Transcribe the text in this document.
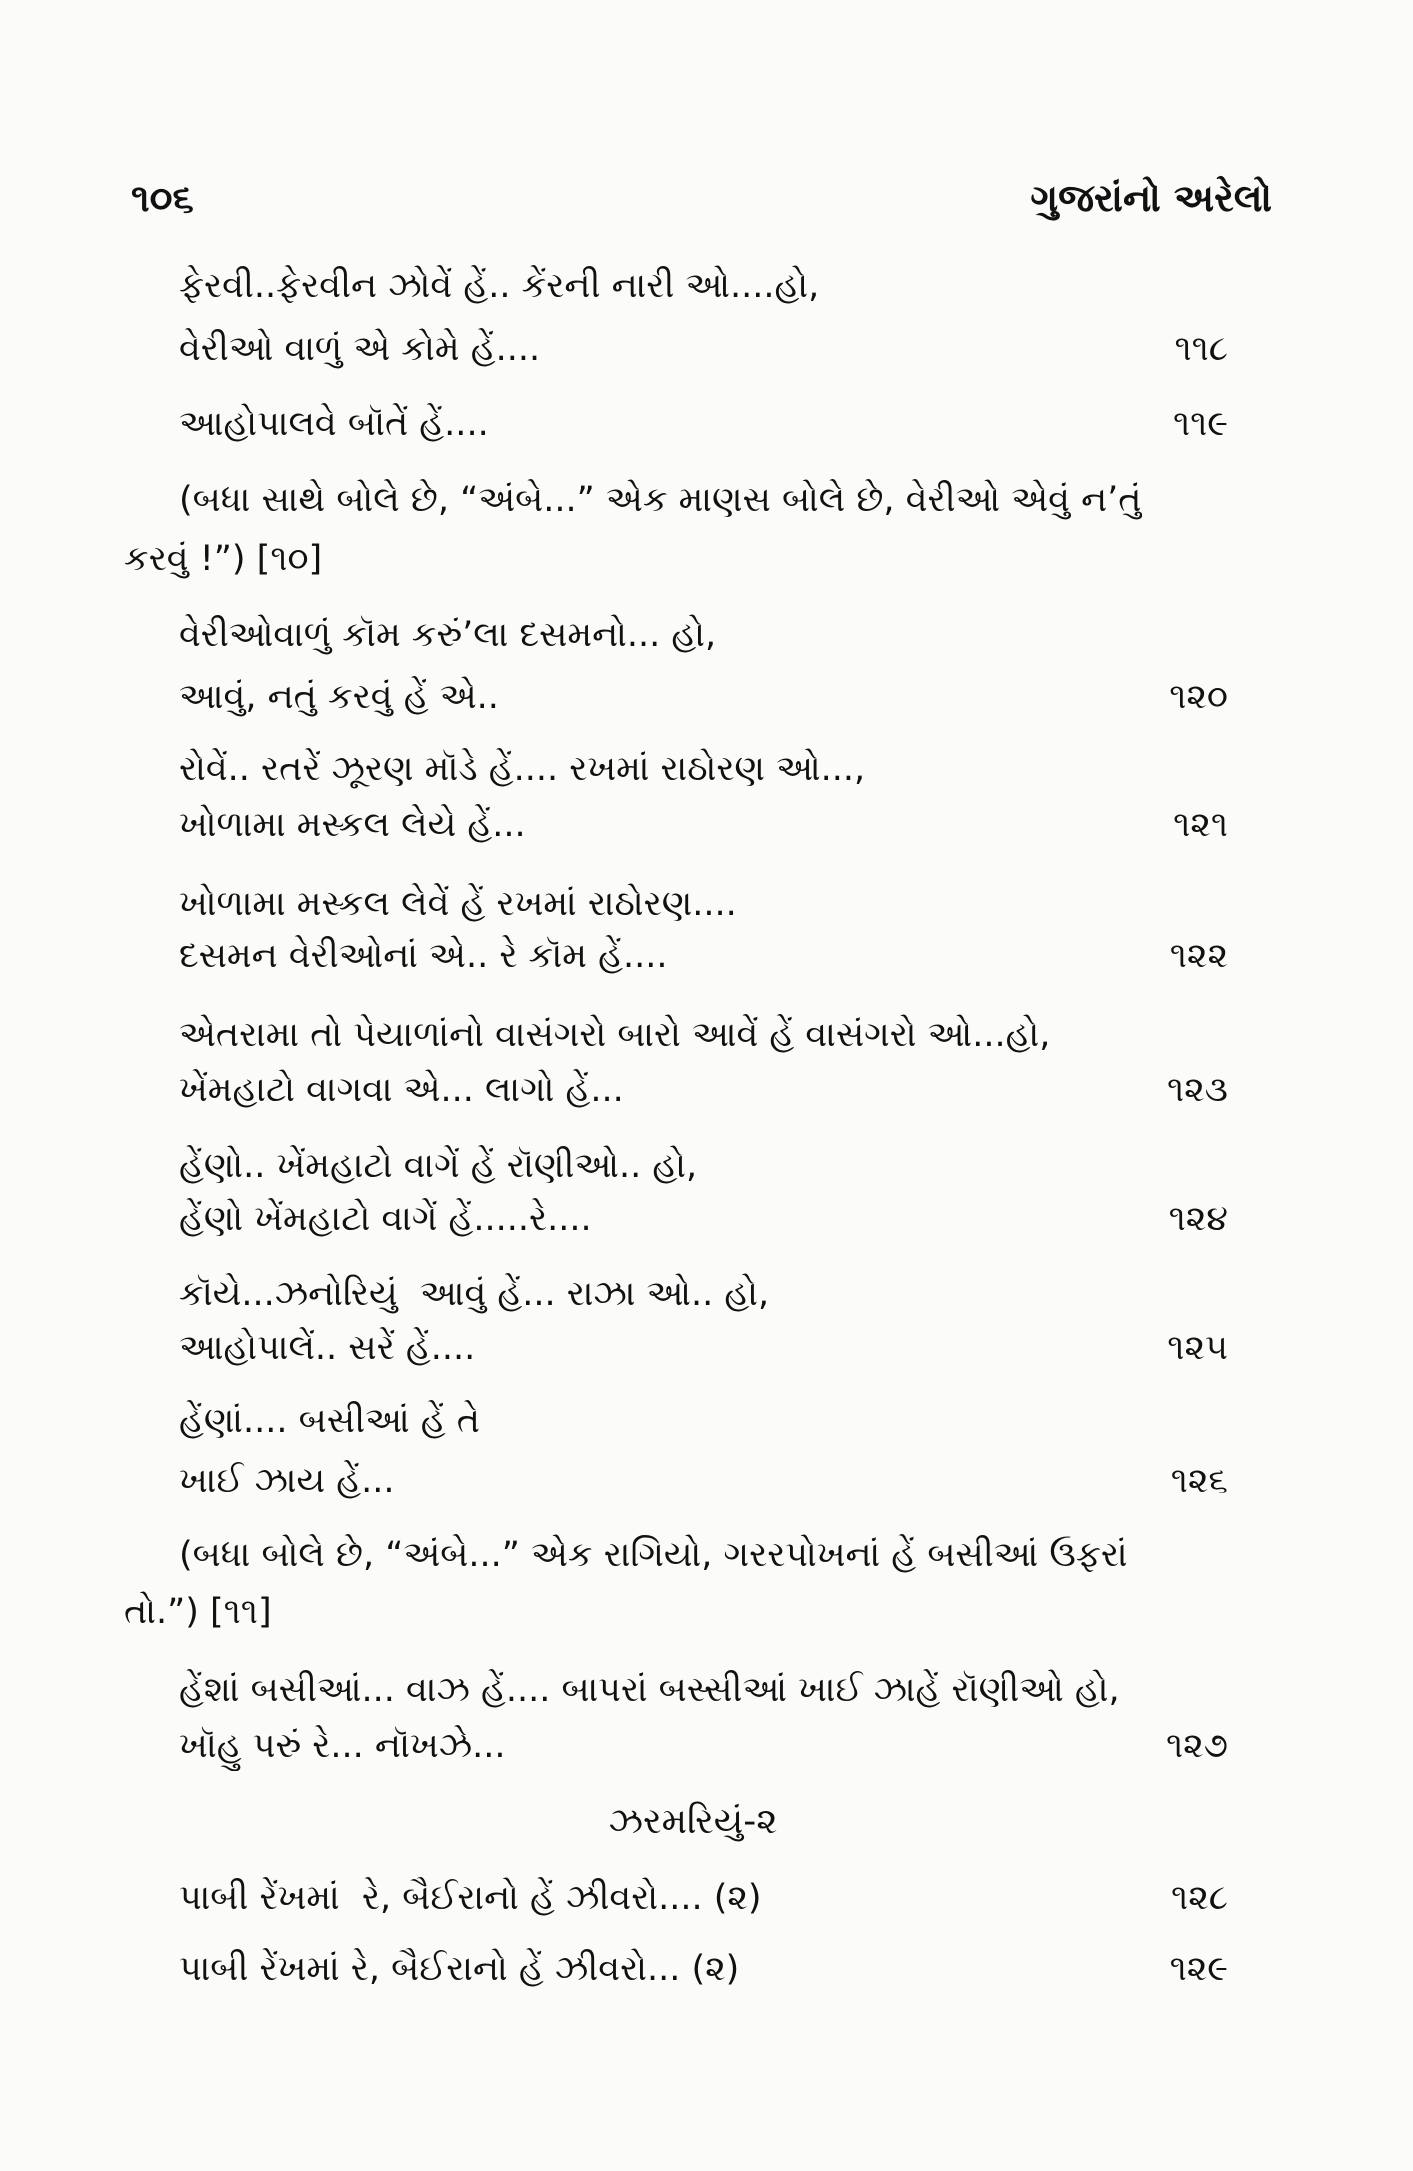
૧૦૬	ગુજરાંનો અરેલો
ફેરવી..ફેરવીન ઝોવેં હેં.. કેંરની નારી ઓ....હો,
વેરીઓ વાળું એ કોમે હેં....	૧૧૮
આહોપાલવે બૉતેં હેં....	૧૧૯
(બધા સાથે બોલે છે, “અંબે...” એક માણસ બોલે છે, વેરીઓ એવું ન’તું
કરવું !”) [૧૦]
વેરીઓવાળું કૉમ કરું’લા દસમનો... હો,
આવું, નતું કરવું હેં એ..	૧૨૦
રોવેં.. રતરેં ઝૂરણ મૉડે હેં.... રખમાં રાઠોરણ ઓ...,
ખોળામા મસ્કલ લેયે હેં...	૧૨૧
ખોળામા મસ્કલ લેવેં હેં રખમાં રાઠોરણ....
દસમન વેરીઓનાં એ.. રે કૉમ હેં....	૧૨૨
એતરામા તો પેયાળાંનો વાસંગરો બારો આવેં હેં વાસંગરો ઓ...હો,
ખેંમહાટો વાગવા એ... લાગો હેં...	૧૨૩
હેંણો.. ખેંમહાટો વાગેં હેં રૉણીઓ.. હો,
હેંણો ખેંમહાટો વાગેં હેં.....રે....	૧૨૪
કૉયે...ઝનોરિયું  આવું હેં... રાઝા ઓ.. હો,
આહોપાલેં.. સરેં હેં....	૧૨૫
હેંણાં.... બસીઆં હેં તે
ખાઈ ઝાય હેં...	૧૨૬
(બધા બોલે છે, “અંબે...” એક રાગિયો, ગરરપોખનાં હેં બસીઆં ઉફરાં
તો.”) [૧૧]
હેંશાં બસીઆં... વાઝ હેં.... બાપરાં બસ્સીઆં ખાઈ ઝાહેં રૉણીઓ હો,
ખૉહુ પરું રે... નૉખઝે...	૧૨૭
ઝરમરિયું-૨
પાબી રેંખમાં  રે, બૈઈરાનો હેં ઝીવરો.... (૨)	૧૨૮
પાબી રેંખમાં રે, બૈઈરાનો હેં ઝીવરો... (૨)	૧૨૯
